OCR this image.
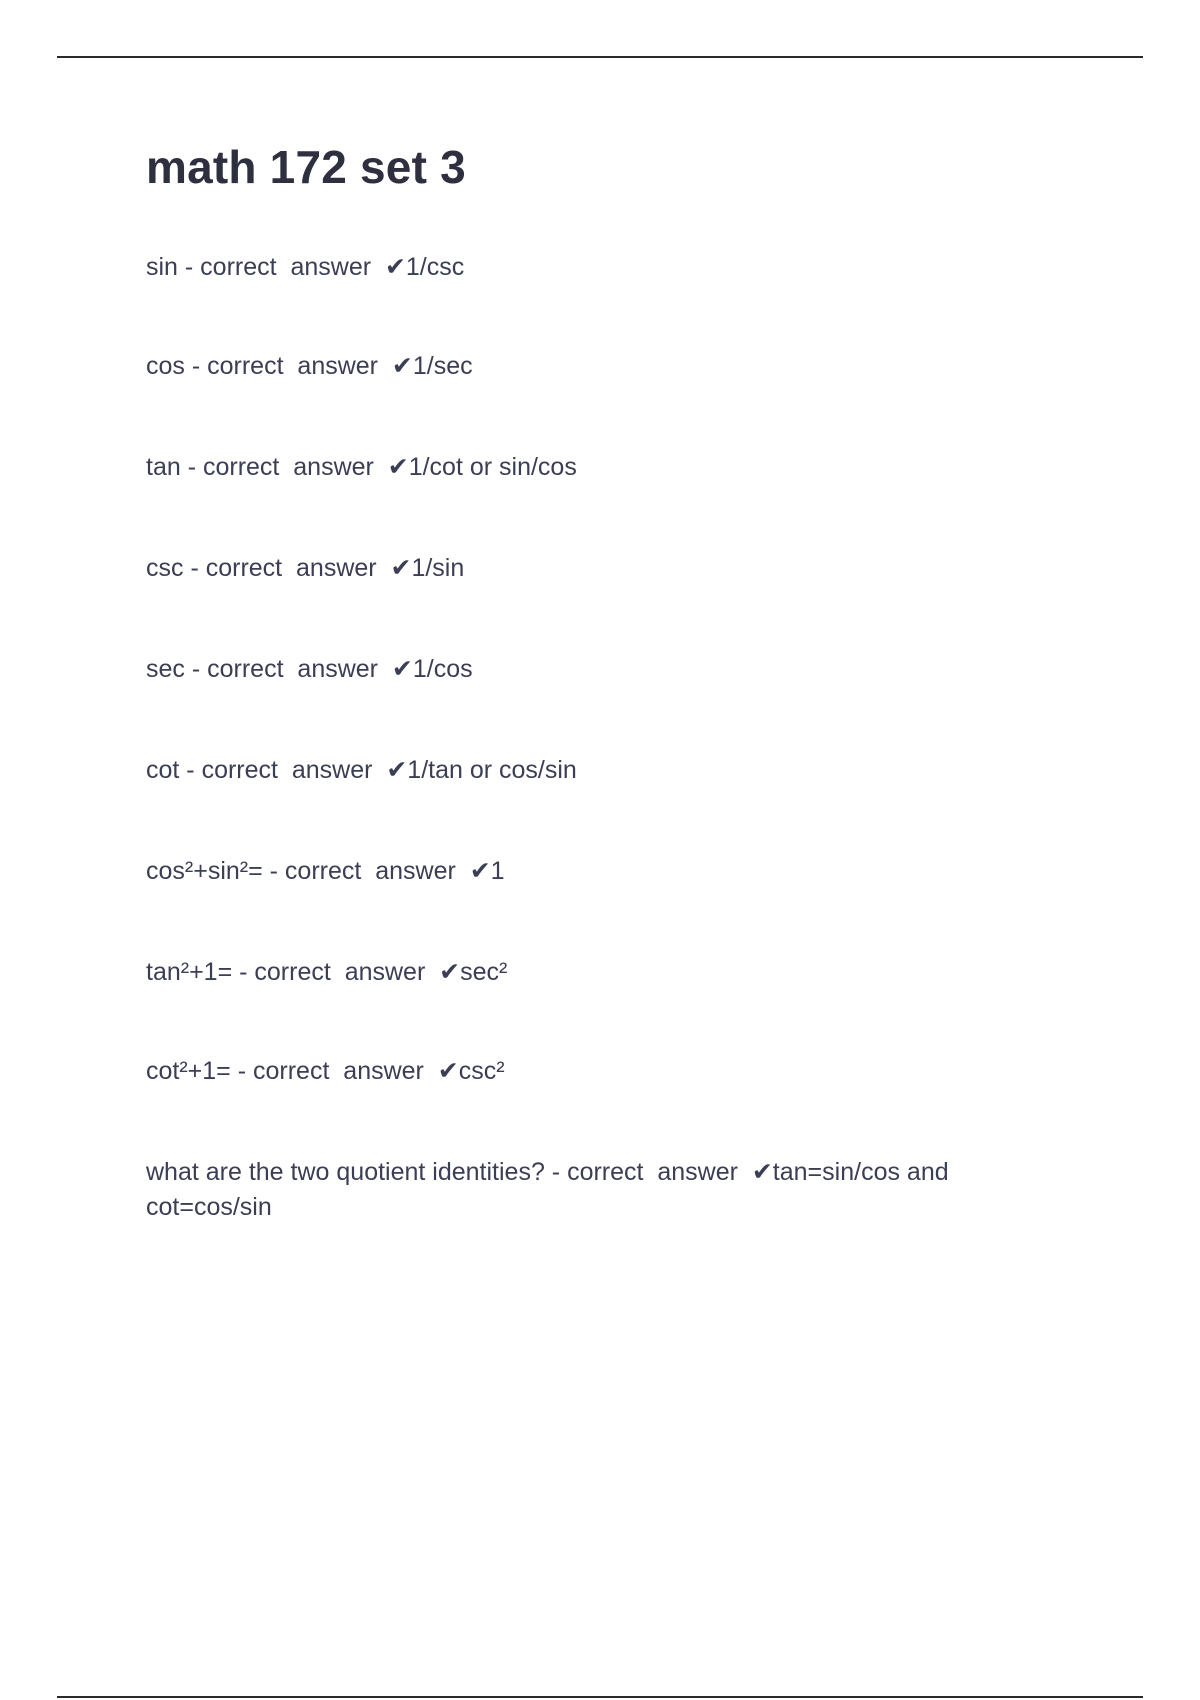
math 172 set 3
sin - correct  answer  ✔1/csc
cos - correct  answer  ✔1/sec
tan - correct  answer  ✔1/cot or sin/cos
csc - correct  answer  ✔1/sin
sec - correct  answer  ✔1/cos
cot - correct  answer  ✔1/tan or cos/sin
cos²+sin²= - correct  answer  ✔1
tan²+1= - correct  answer  ✔sec²
cot²+1= - correct  answer  ✔csc²
what are the two quotient identities? - correct  answer  ✔tan=sin/cos and
cot=cos/sin
